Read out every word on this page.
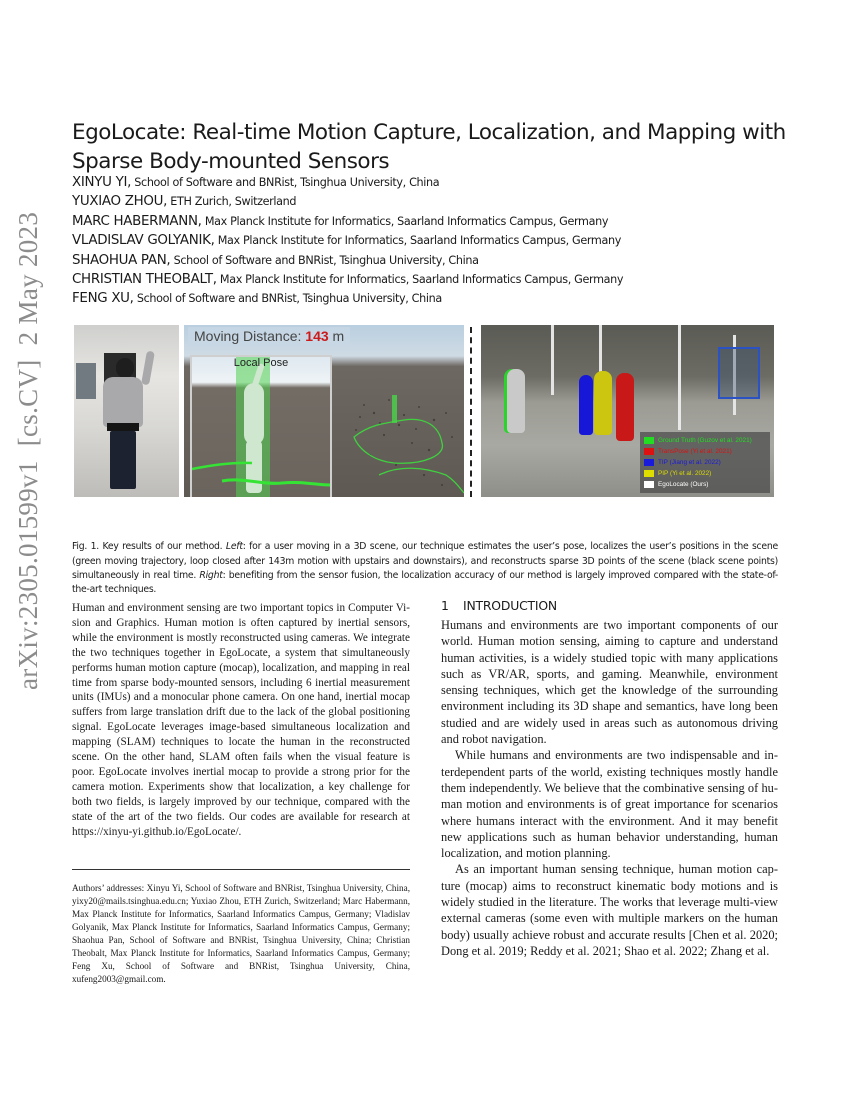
arXiv:2305.01599v1  [cs.CV]  2 May 2023
EgoLocate: Real-time Motion Capture, Localization, and Mapping with Sparse Body-mounted Sensors
XINYU YI, School of Software and BNRist, Tsinghua University, China
YUXIAO ZHOU, ETH Zurich, Switzerland
MARC HABERMANN, Max Planck Institute for Informatics, Saarland Informatics Campus, Germany
VLADISLAV GOLYANIK, Max Planck Institute for Informatics, Saarland Informatics Campus, Germany
SHAOHUA PAN, School of Software and BNRist, Tsinghua University, China
CHRISTIAN THEOBALT, Max Planck Institute for Informatics, Saarland Informatics Campus, Germany
FENG XU, School of Software and BNRist, Tsinghua University, China
Moving Distance: 143 m
Local Pose
Ground Truth (Guzov et al. 2021)
TransPose (Yi et al. 2021)
TIP (Jiang et al. 2022)
PIP (Yi et al. 2022)
EgoLocate (Ours)

Fig. 1. Key results of our method. Left: for a user moving in a 3D scene, our technique estimates the user’s pose, localizes the user’s positions in the scene (green moving trajectory, loop closed after 143m motion with upstairs and downstairs), and reconstructs sparse 3D points of the scene (black scene points) simultaneously in real time. Right: benefiting from the sensor fusion, the localization accuracy of our method is largely improved compared with the state-of-the-art techniques.

Human and environment sensing are two important topics in Computer Vision and Graphics. Human motion is often captured by inertial sensors, while the environment is mostly reconstructed using cameras. We integrate the two techniques together in EgoLocate, a system that simultaneously performs human motion capture (mocap), localization, and mapping in real time from sparse body-mounted sensors, including 6 inertial measurement units (IMUs) and a monocular phone camera. On one hand, inertial mocap suffers from large translation drift due to the lack of the global positioning signal. EgoLocate leverages image-based simultaneous localization and mapping (SLAM) techniques to locate the human in the reconstructed scene. On the other hand, SLAM often fails when the visual feature is poor. EgoLocate involves inertial mocap to provide a strong prior for the camera motion. Experiments show that localization, a key challenge for both two fields, is largely improved by our technique, compared with the state of the art of the two fields. Our codes are available for research at https://xinyu-yi.github.io/EgoLocate/.

Authors’ addresses: Xinyu Yi, School of Software and BNRist, Tsinghua University, China, yixy20@mails.tsinghua.edu.cn; Yuxiao Zhou, ETH Zurich, Switzerland; Marc Habermann, Max Planck Institute for Informatics, Saarland Informatics Campus, Germany; Vladislav Golyanik, Max Planck Institute for Informatics, Saarland Informatics Campus, Germany; Shaohua Pan, School of Software and BNRist, Tsinghua University, China; Christian Theobalt, Max Planck Institute for Informatics, Saarland Informatics Campus, Germany; Feng Xu, School of Software and BNRist, Tsinghua University, China, xufeng2003@gmail.com.

1 INTRODUCTION

Humans and environments are two important components of our world. Human motion sensing, aiming to capture and understand human activities, is a widely studied topic with many applications such as VR/AR, sports, and gaming. Meanwhile, environment sensing techniques, which get the knowledge of the surrounding environment including its 3D shape and semantics, have long been studied and are widely used in areas such as autonomous driving and robot navigation.

While humans and environments are two indispensable and interdependent parts of the world, existing techniques mostly handle them independently. We believe that the combinative sensing of human motion and environments is of great importance for scenarios where humans interact with the environment. And it may benefit new applications such as human behavior understanding, human localization, and motion planning.

As an important human sensing technique, human motion capture (mocap) aims to reconstruct kinematic body motions and is widely studied in the literature. The works that leverage multi-view external cameras (some even with multiple markers on the human body) usually achieve robust and accurate results [Chen et al. 2020; Dong et al. 2019; Reddy et al. 2021; Shao et al. 2022; Zhang et al.
